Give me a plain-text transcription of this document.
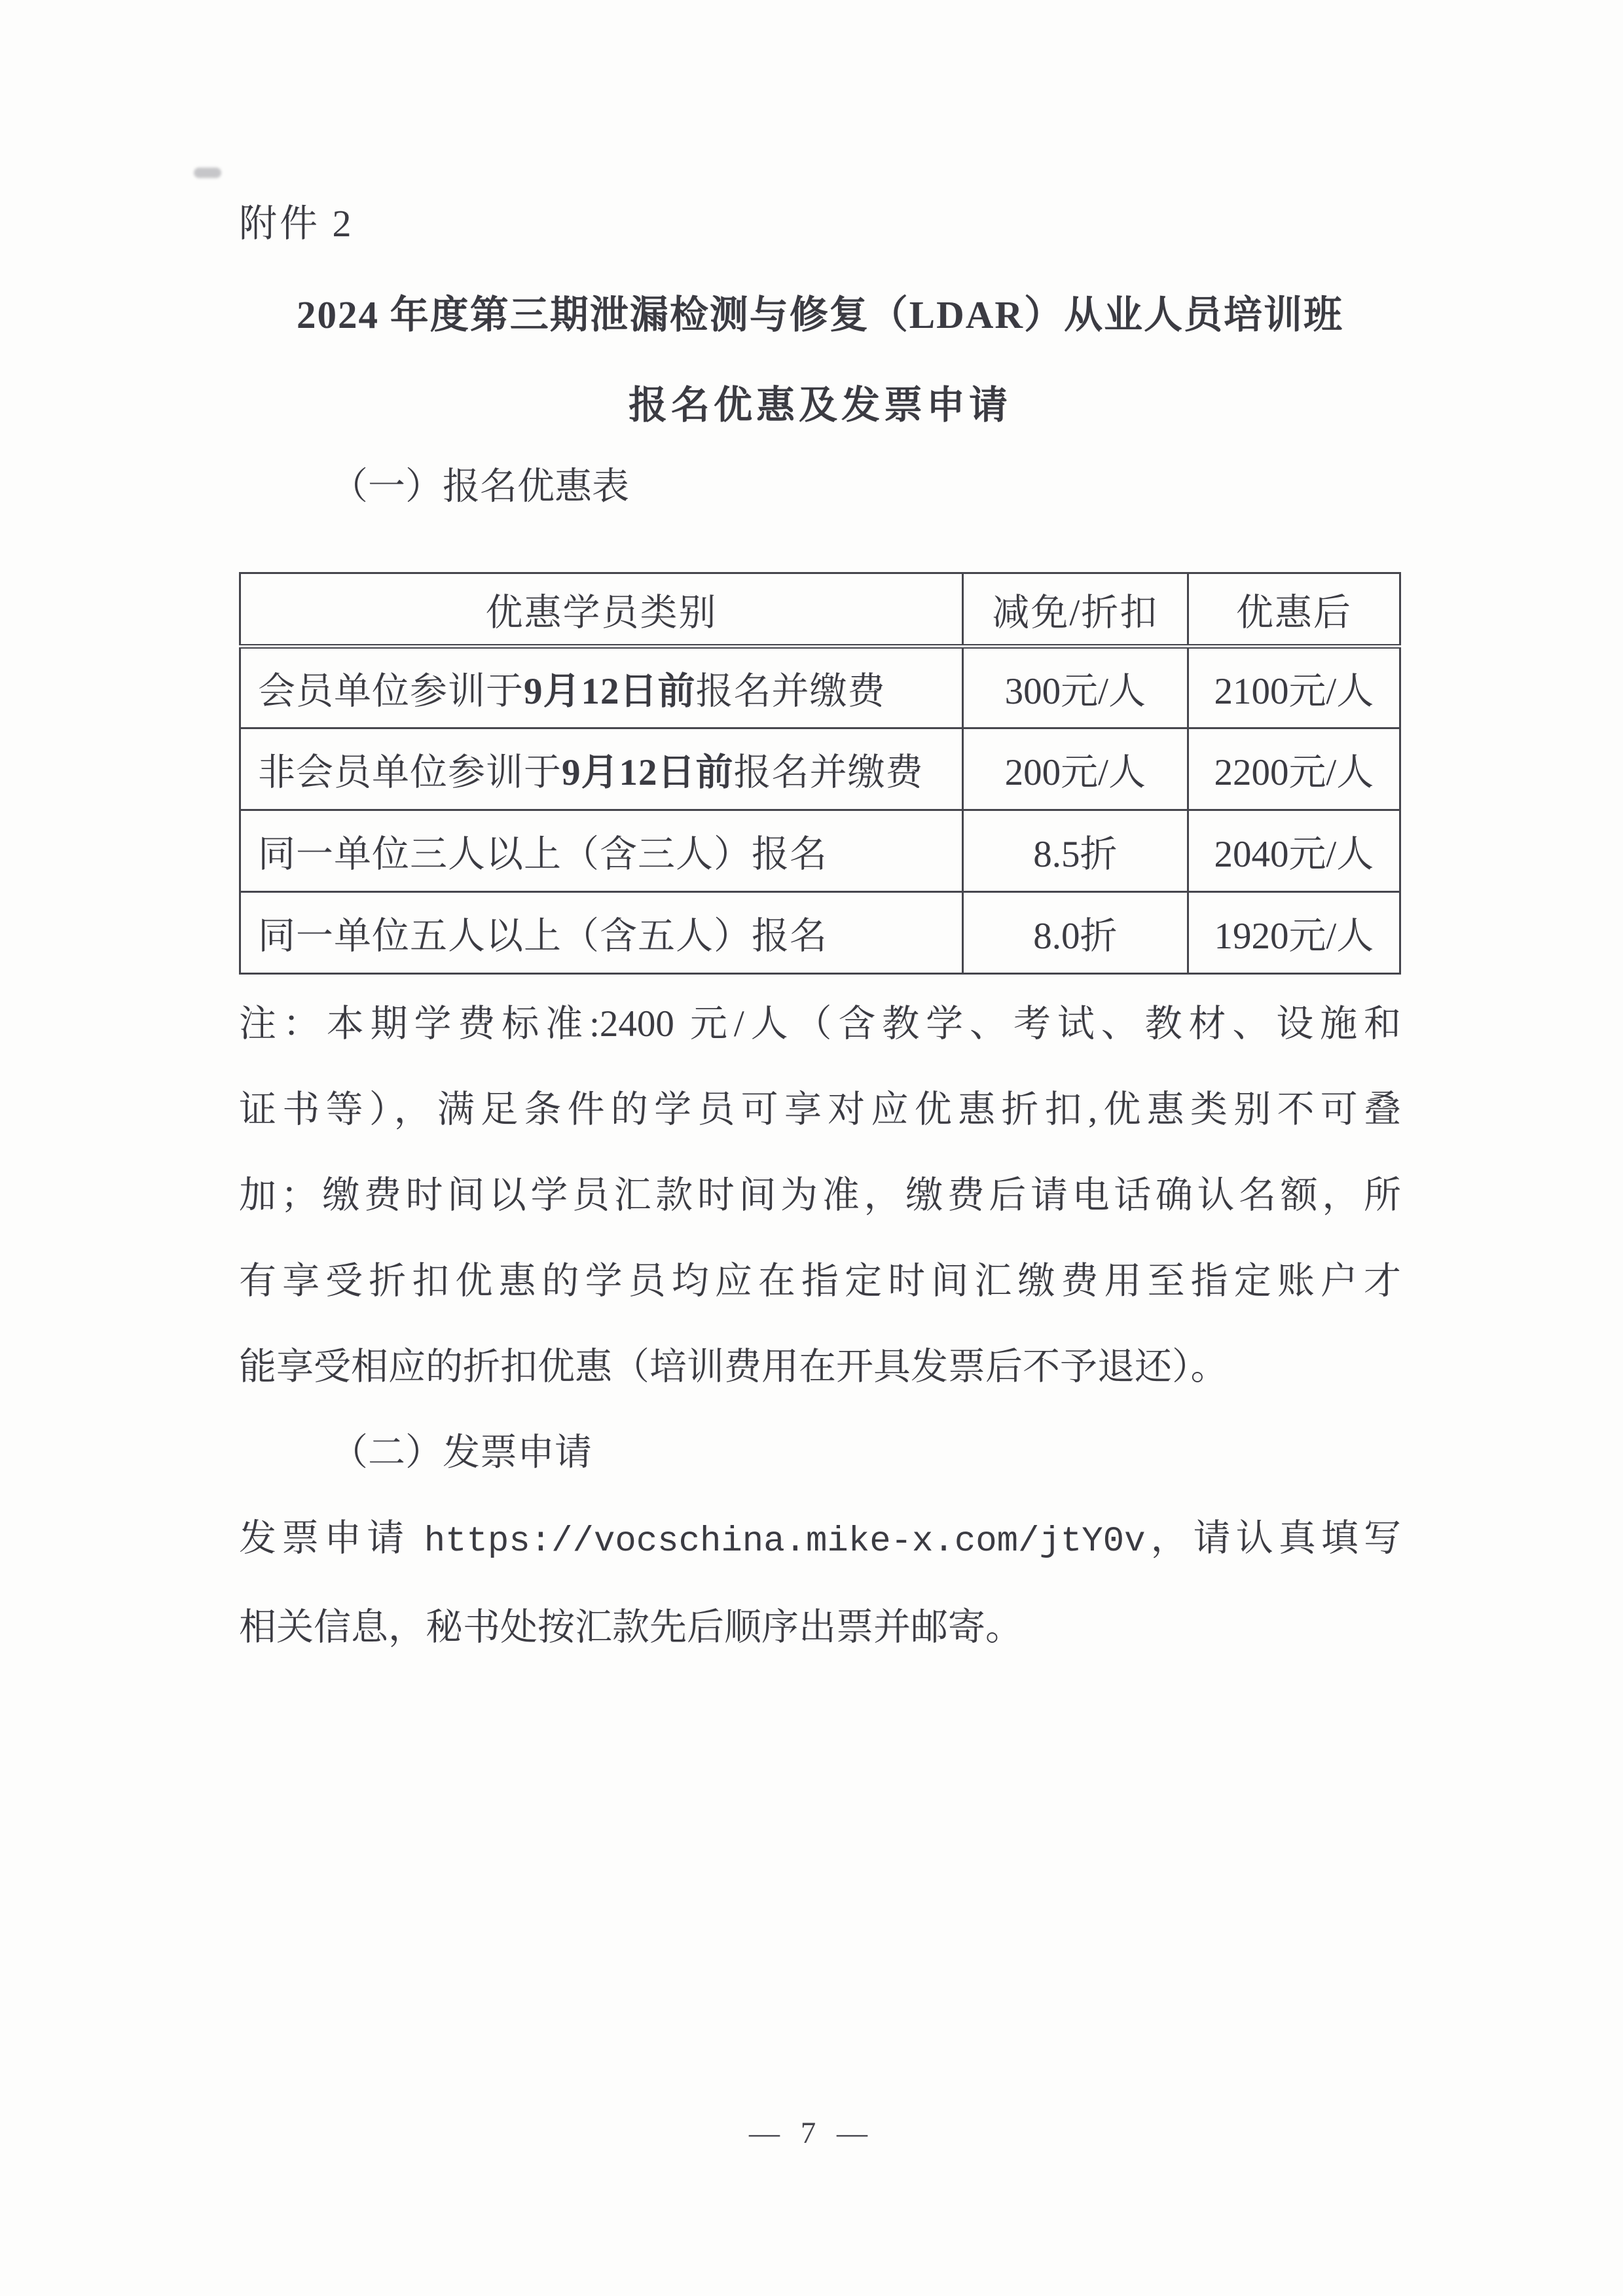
附件 2
2024 年度第三期泄漏检测与修复（LDAR）从业人员培训班
报名优惠及发票申请
（一）报名优惠表
优惠学员类别	减免/折扣	优惠后
会员单位参训于9月12日前报名并缴费	300元/人	2100元/人
非会员单位参训于9月12日前报名并缴费	200元/人	2200元/人
同一单位三人以上（含三人）报名	8.5折	2040元/人
同一单位五人以上（含五人）报名	8.0折	1920元/人
注：本期学费标准:2400 元/人（含教学、考试、教材、设施和
证书等），满足条件的学员可享对应优惠折扣,优惠类别不可叠
加；缴费时间以学员汇款时间为准，缴费后请电话确认名额，所
有享受折扣优惠的学员均应在指定时间汇缴费用至指定账户才
能享受相应的折扣优惠（培训费用在开具发票后不予退还）。
（二）发票申请
发票申请 https://vocschina.mike-x.com/jtY0v，请认真填写
相关信息，秘书处按汇款先后顺序出票并邮寄。
— 7 —
